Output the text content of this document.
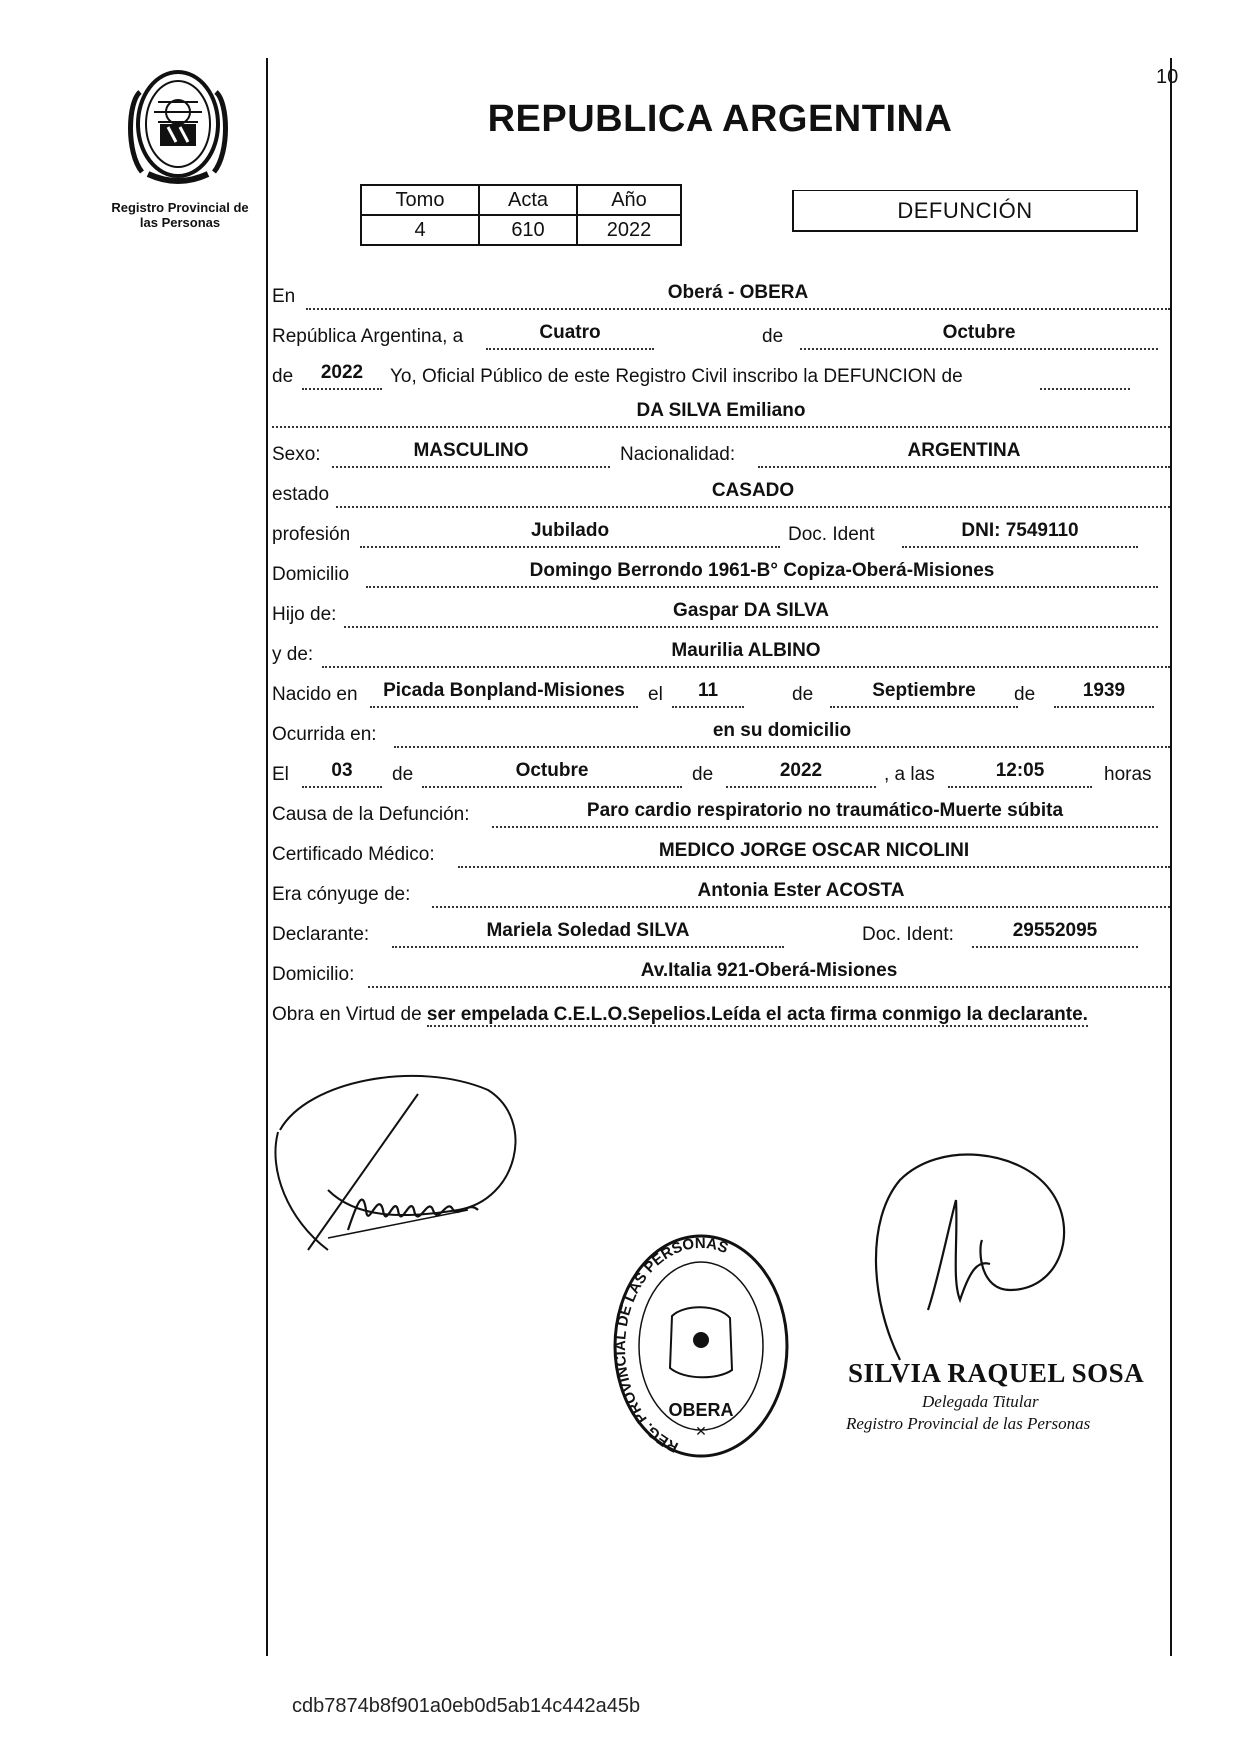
Registro Provincial de
las Personas
10
REPUBLICA ARGENTINA
Tomo	Acta	Año
4	610	2022
DEFUNCIÓN
En	Oberá - OBERA
República Argentina, a	Cuatro	de	Octubre
de	2022	Yo, Oficial Público de este Registro Civil inscribo la DEFUNCION de
DA SILVA Emiliano
Sexo:	MASCULINO	Nacionalidad:	ARGENTINA
estado	CASADO
profesión	Jubilado	Doc. Ident	DNI: 7549110
Domicilio	Domingo Berrondo 1961-B° Copiza-Oberá-Misiones
Hijo de:	Gaspar DA SILVA
y de:	Maurilia ALBINO
Nacido en	Picada Bonpland-Misiones	el	11	de	Septiembre	de	1939
Ocurrida en:	en su domicilio
El	03	de	Octubre	de	2022	, a las	12:05	horas
Causa de la Defunción:	Paro cardio respiratorio no traumático-Muerte súbita
Certificado Médico:	MEDICO JORGE OSCAR NICOLINI
Era cónyuge de:	Antonia Ester ACOSTA
Declarante:	Mariela Soledad SILVA	Doc. Ident:	29552095
Domicilio:	Av.Italia 921-Oberá-Misiones
Obra en Virtud de ser empelada C.E.L.O.Sepelios.Leída el acta firma conmigo la declarante.
REG. PROVINCIAL DE LAS PERSONAS
OBERA
✕
SILVIA RAQUEL SOSA
Delegada Titular
Registro Provincial de las Personas
cdb7874b8f901a0eb0d5ab14c442a45b
